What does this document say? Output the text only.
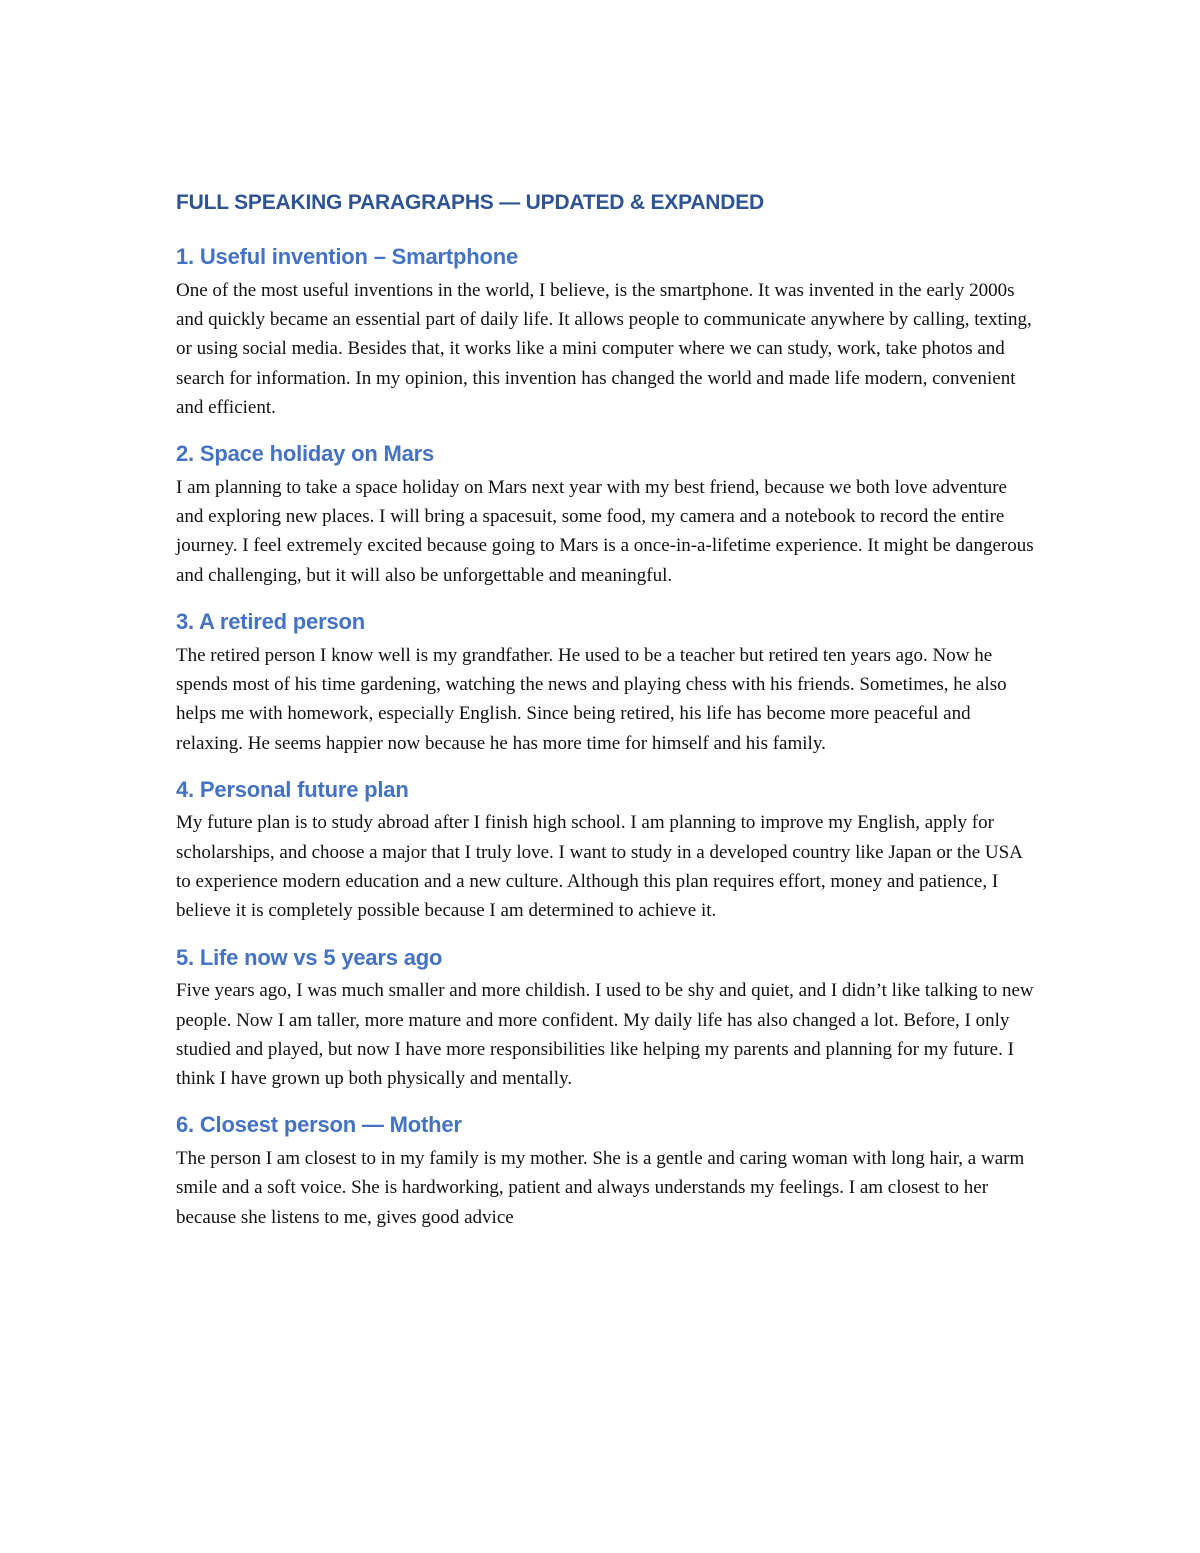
FULL SPEAKING PARAGRAPHS — UPDATED & EXPANDED
1. Useful invention – Smartphone

One of the most useful inventions in the world, I believe, is the smartphone. It was invented in the early 2000s and quickly became an essential part of daily life. It allows people to communicate anywhere by calling, texting, or using social media. Besides that, it works like a mini computer where we can study, work, take photos and search for information. In my opinion, this invention has changed the world and made life modern, convenient and efficient.

2. Space holiday on Mars

I am planning to take a space holiday on Mars next year with my best friend, because we both love adventure and exploring new places. I will bring a spacesuit, some food, my camera and a notebook to record the entire journey. I feel extremely excited because going to Mars is a once-in-a-lifetime experience. It might be dangerous and challenging, but it will also be unforgettable and meaningful.

3. A retired person

The retired person I know well is my grandfather. He used to be a teacher but retired ten years ago. Now he spends most of his time gardening, watching the news and playing chess with his friends. Sometimes, he also helps me with homework, especially English. Since being retired, his life has become more peaceful and relaxing. He seems happier now because he has more time for himself and his family.

4. Personal future plan

My future plan is to study abroad after I finish high school. I am planning to improve my English, apply for scholarships, and choose a major that I truly love. I want to study in a developed country like Japan or the USA to experience modern education and a new culture. Although this plan requires effort, money and patience, I believe it is completely possible because I am determined to achieve it.

5. Life now vs 5 years ago

Five years ago, I was much smaller and more childish. I used to be shy and quiet, and I didn’t like talking to new people. Now I am taller, more mature and more confident. My daily life has also changed a lot. Before, I only studied and played, but now I have more responsibilities like helping my parents and planning for my future. I think I have grown up both physically and mentally.

6. Closest person — Mother

The person I am closest to in my family is my mother. She is a gentle and caring woman with long hair, a warm smile and a soft voice. She is hardworking, patient and always understands my feelings. I am closest to her because she listens to me, gives good advice
